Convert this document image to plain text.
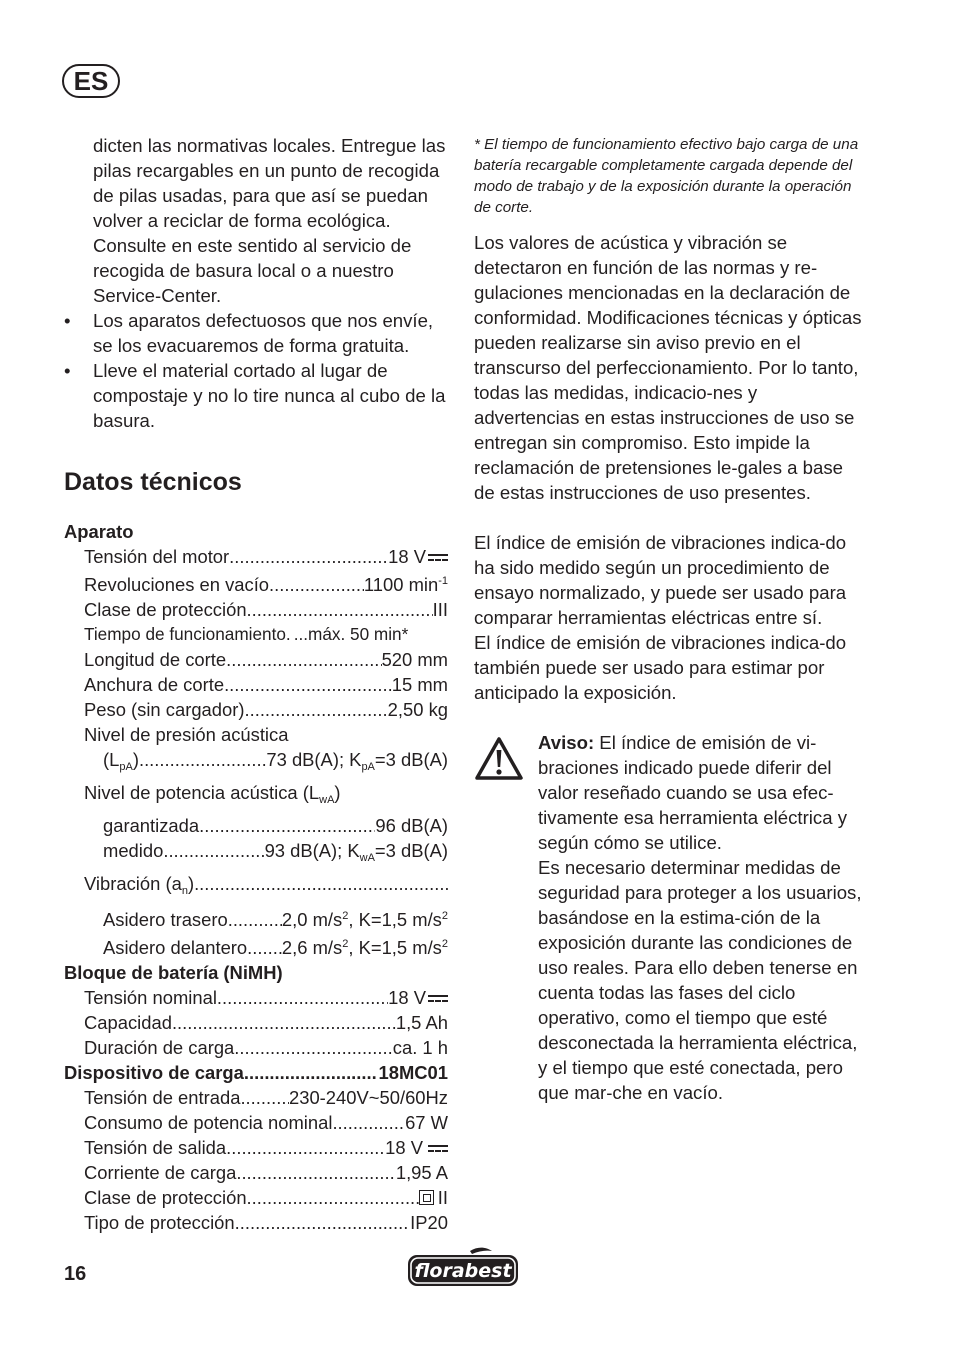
ES

dicten las normativas locales. Entregue las pilas recargables en un punto de recogida de pilas usadas, para que así se puedan volver a reciclar de forma ecológica. Consulte en este sentido al servicio de recogida de basura local o a nuestro Service-Center.

• Los aparatos defectuosos que nos envíe, se los evacuaremos de forma gratuita.
• Lleve el material cortado al lugar de compostaje y no lo tire nunca al cubo de la basura.
Datos técnicos
Aparato
Tensión del motor .....	18 V
Revoluciones en vacío .....	1100 $\min^{-1}$
Clase de protección .....	III
Tiempo de funcionamiento. ...máx. 50 min*
Longitud de corte .....	520 mm
Anchura de corte .....	15 mm
Peso (sin cargador) .....	2,50 kg
Nivel de presión acústica
$(L_{pA})$ .....	73 dB(A); $K_{pA}=3$ dB(A)
Nivel de potencia acústica $(L_{wA})$
garantizada .....	96 dB(A)
medido .....	93 dB(A); $K_{wA}=3$ dB(A)
Vibración $(a_n)$
.....
Asidero trasero .....	2,0 $m/s^2$, K=1,5 $m/s^2$
Asidero delantero ..... 2,6 $m/s^2$, K=1,5 $m/s^2$
Bloque de batería (NiMH)
Tensión nominal .....	18 V
Capacidad .....	1,5 Ah
Duración de carga .....	ca. 1 h
Dispositivo de carga .....	18MC01
Tensión de entrada .....	230-240V~50/60Hz
Consumo de potencia nominal .....	67 W
Tensión de salida .....	18 V
Corriente de carga .....	1,95 A
Clase de protección .....	II
Tipo de protección .....	IP20

* El tiempo de funcionamiento efectivo bajo carga de una batería recargable completamente cargada depende del modo de trabajo y de la exposición durante la operación de corte.

Los valores de acústica y vibración se detectaron en función de las normas y re-gulaciones mencionadas en la declaración de conformidad. Modificaciones técnicas y ópticas pueden realizarse sin aviso previo en el transcurso del perfeccionamiento. Por lo tanto, todas las medidas, indicacio-nes y advertencias en estas instrucciones de uso se entregan sin compromiso. Esto impide la reclamación de pretensiones le-gales a base de estas instrucciones de uso presentes.

El índice de emisión de vibraciones indica-do ha sido medido según un procedimiento de ensayo normalizado, y puede ser usado para comparar herramientas eléctricas entre sí.

El índice de emisión de vibraciones indica-do también puede ser usado para estimar por anticipado la exposición.

Aviso: El índice de emisión de vi-braciones indicado puede diferir del valor reseñado cuando se usa efec-tivamente esa herramienta eléctrica y según cómo se utilice.
Es necesario determinar medidas de seguridad para proteger a los usuarios, basándose en la estima-ción de la exposición durante las condiciones de uso reales. Para ello deben tenerse en cuenta todas las fases del ciclo operativo, como el tiempo que esté desconectada la herramienta eléctrica, y el tiempo que esté conectada, pero que mar-che en vacío.
16	florabest
